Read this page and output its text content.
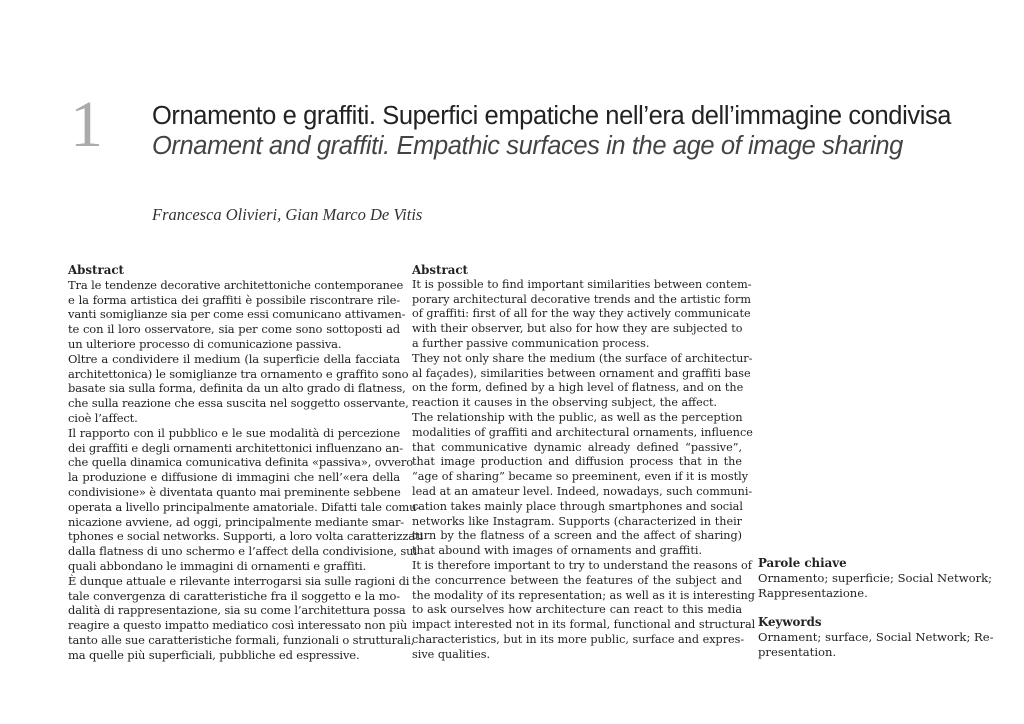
1 Ornamento e graffiti. Superfici empatiche nell’era dell’immagine condivisa
Ornament and graffiti. Empathic surfaces in the age of image sharing
Francesca Olivieri, Gian Marco De Vitis
Abstract
Tra le tendenze decorative architettoniche contemporanee
e la forma artistica dei graffiti è possibile riscontrare rile-
vanti somiglianze sia per come essi comunicano attivamen-
te con il loro osservatore, sia per come sono sottoposti ad
un ulteriore processo di comunicazione passiva.
Oltre a condividere il medium (la superficie della facciata
architettonica) le somiglianze tra ornamento e graffito sono
basate sia sulla forma, definita da un alto grado di flatness,
che sulla reazione che essa suscita nel soggetto osservante,
cioè l’affect.
Il rapporto con il pubblico e le sue modalità di percezione
dei graffiti e degli ornamenti architettonici influenzano an-
che quella dinamica comunicativa definita «passiva», ovvero
la produzione e diffusione di immagini che nell’«era della
condivisione» è diventata quanto mai preminente sebbene
operata a livello principalmente amatoriale. Difatti tale comu-
nicazione avviene, ad oggi, principalmente mediante smar-
tphones e social networks. Supporti, a loro volta caratterizzati
dalla flatness di uno schermo e l’affect della condivisione, sui
quali abbondano le immagini di ornamenti e graffiti.
È dunque attuale e rilevante interrogarsi sia sulle ragioni di
tale convergenza di caratteristiche fra il soggetto e la mo-
dalità di rappresentazione, sia su come l’architettura possa
reagire a questo impatto mediatico così interessato non più
tanto alle sue caratteristiche formali, funzionali o strutturali,
ma quelle più superficiali, pubbliche ed espressive.
Abstract
It is possible to find important similarities between contem-
porary architectural decorative trends and the artistic form
of graffiti: first of all for the way they actively communicate
with their observer, but also for how they are subjected to
a further passive communication process.
They not only share the medium (the surface of architectur-
al façades), similarities between ornament and graffiti base
on the form, defined by a high level of flatness, and on the
reaction it causes in the observing subject, the affect.
The relationship with the public, as well as the perception
modalities of graffiti and architectural ornaments, influence
that communicative dynamic already defined “passive”,
that image production and diffusion process that in the
“age of sharing” became so preeminent, even if it is mostly
lead at an amateur level. Indeed, nowadays, such communi-
cation takes mainly place through smartphones and social
networks like Instagram. Supports (characterized in their
turn by the flatness of a screen and the affect of sharing)
that abound with images of ornaments and graffiti.
It is therefore important to try to understand the reasons of
the concurrence between the features of the subject and
the modality of its representation; as well as it is interesting
to ask ourselves how architecture can react to this media
impact interested not in its formal, functional and structural
characteristics, but in its more public, surface and expres-
sive qualities.
Parole chiave
Ornamento; superficie; Social Network;
Rappresentazione.
Keywords
Ornament; surface, Social Network; Re-
presentation.
